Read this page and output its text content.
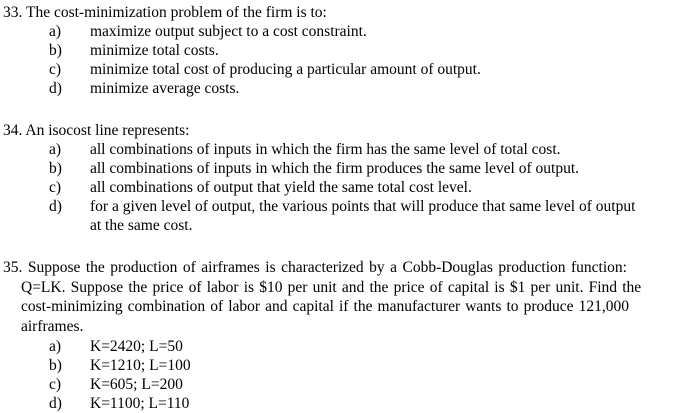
33. The cost-minimization problem of the firm is to:
a)	maximize output subject to a cost constraint.
b)	minimize total costs.
c)	minimize total cost of producing a particular amount of output.
d)	minimize average costs.
34. An isocost line represents:
a)	all combinations of inputs in which the firm has the same level of total cost.
b)	all combinations of inputs in which the firm produces the same level of output.
c)	all combinations of output that yield the same total cost level.
d)	for a given level of output, the various points that will produce that same level of output
at the same cost.
35. Suppose the production of airframes is characterized by a Cobb-Douglas production function:
Q=LK. Suppose the price of labor is $10 per unit and the price of capital is $1 per unit. Find the
cost-minimizing combination of labor and capital if the manufacturer wants to produce 121,000
airframes.
a)	K=2420; L=50
b)	K=1210; L=100
c)	K=605; L=200
d)	K=1100; L=110
